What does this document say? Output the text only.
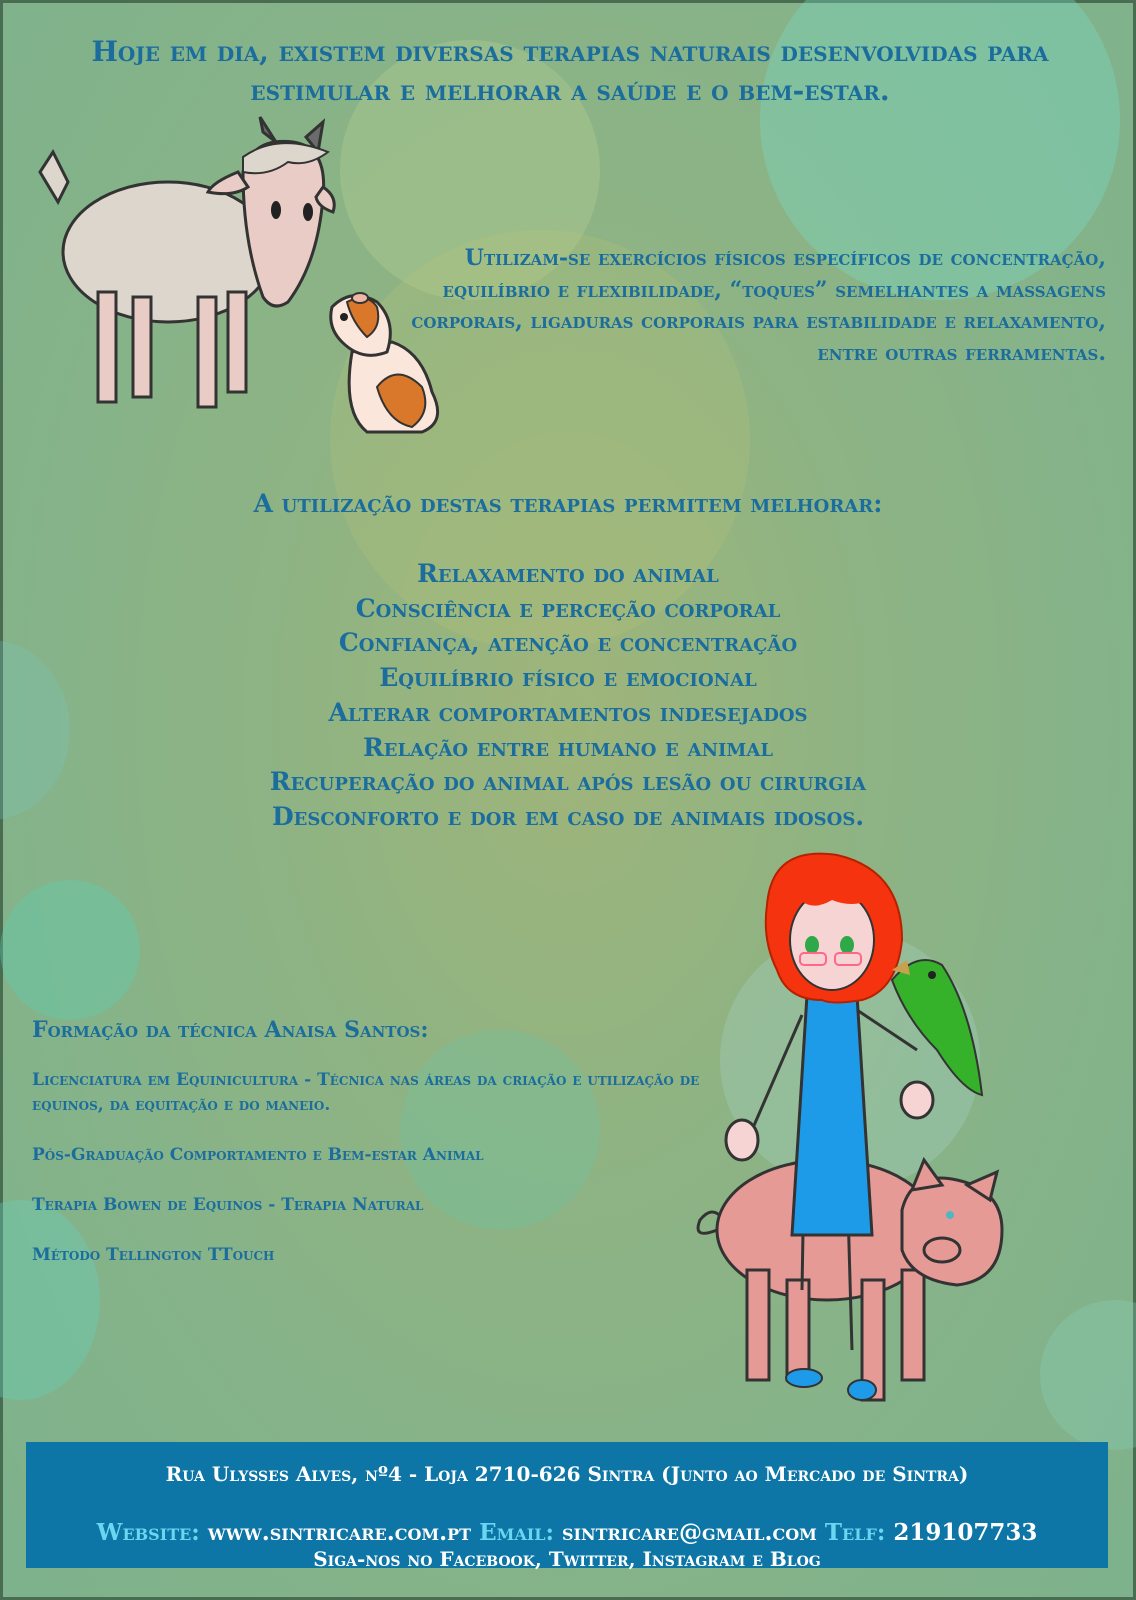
Hoje em dia, existem diversas terapias naturais desenvolvidas para estimular e melhorar a saúde e o bem-estar.
Utilizam-se exercícios físicos específicos de concentração, equilíbrio e flexibilidade, “toques” semelhantes a massagens corporais, ligaduras corporais para estabilidade e relaxamento, entre outras ferramentas.
A utilização destas terapias permitem melhorar:
Relaxamento do animal
Consciência e perceção corporal
Confiança, atenção e concentração
Equilíbrio físico e emocional
Alterar comportamentos indesejados
Relação entre humano e animal
Recuperação do animal após lesão ou cirurgia
Desconforto e dor em caso de animais idosos.
Formação da técnica Anaisa Santos:
Licenciatura em Equinicultura - Técnica nas áreas da criação e utilização de equinos, da equitação e do maneio.
Pós-Graduação Comportamento e Bem-estar Animal
Terapia Bowen de Equinos - Terapia Natural
Método Tellington TTouch
Rua Ulysses Alves, nº4 - Loja 2710-626 Sintra (Junto ao Mercado de Sintra)
Website: www.sintricare.com.pt Email: sintricare@gmail.com Telf: 219107733
Siga-nos no Facebook, Twitter, Instagram e Blog
